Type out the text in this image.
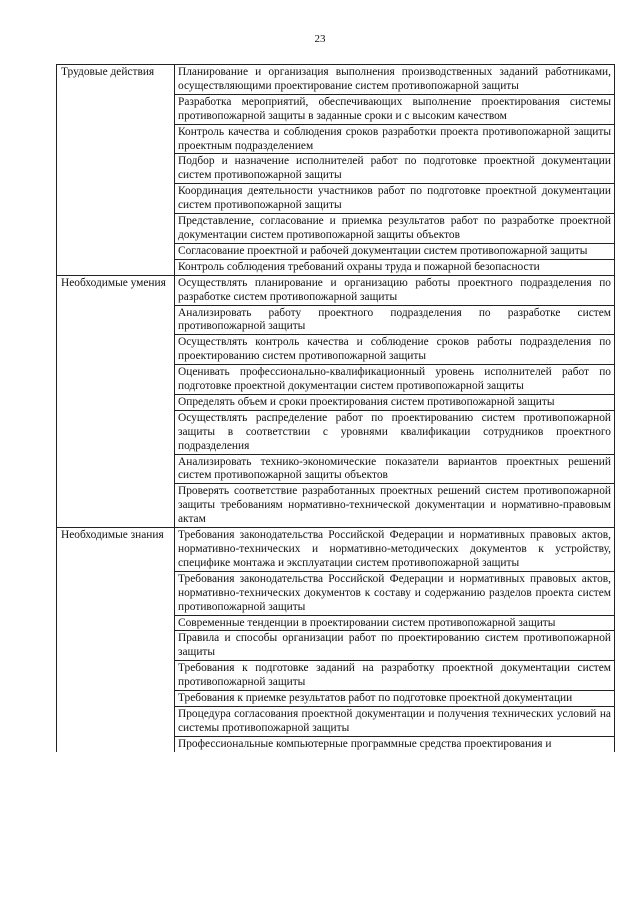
23
Трудовые действия	Планирование и организация выполнения производственных заданий работниками, осуществляющими проектирование систем противопожарной защиты
	Разработка мероприятий, обеспечивающих выполнение проектирования системы противопожарной защиты в заданные сроки и с высоким качеством
	Контроль качества и соблюдения сроков разработки проекта противопожарной защиты проектным подразделением
	Подбор и назначение исполнителей работ по подготовке проектной документации систем противопожарной защиты
	Координация деятельности участников работ по подготовке проектной документации систем противопожарной защиты
	Представление, согласование и приемка результатов работ по разработке проектной документации систем противопожарной защиты объектов
	Согласование проектной и рабочей документации систем противопожарной защиты
	Контроль соблюдения требований охраны труда и пожарной безопасности
Необходимые умения	Осуществлять планирование и организацию работы проектного подразделения по разработке систем противопожарной защиты
	Анализировать работу проектного подразделения по разработке систем противопожарной защиты
	Осуществлять контроль качества и соблюдение сроков работы подразделения по проектированию систем противопожарной защиты
	Оценивать профессионально-квалификационный уровень исполнителей работ по подготовке проектной документации систем противопожарной защиты
	Определять объем и сроки проектирования систем противопожарной защиты
	Осуществлять распределение работ по проектированию систем противопожарной защиты в соответствии с уровнями квалификации сотрудников проектного подразделения
	Анализировать технико-экономические показатели вариантов проектных решений систем противопожарной защиты объектов
	Проверять соответствие разработанных проектных решений систем противопожарной защиты требованиям нормативно-технической документации и нормативно-правовым актам
Необходимые знания	Требования законодательства Российской Федерации и нормативных правовых актов, нормативно-технических и нормативно-методических документов к устройству, специфике монтажа и эксплуатации систем противопожарной защиты
	Требования законодательства Российской Федерации и нормативных правовых актов, нормативно-технических документов к составу и содержанию разделов проекта систем противопожарной защиты
	Современные тенденции в проектировании систем противопожарной защиты
	Правила и способы организации работ по проектированию систем противопожарной защиты
	Требования к подготовке заданий на разработку проектной документации систем противопожарной защиты
	Требования к приемке результатов работ по подготовке проектной документации
	Процедура согласования проектной документации и получения технических условий на системы противопожарной защиты
	Профессиональные компьютерные программные средства проектирования и
